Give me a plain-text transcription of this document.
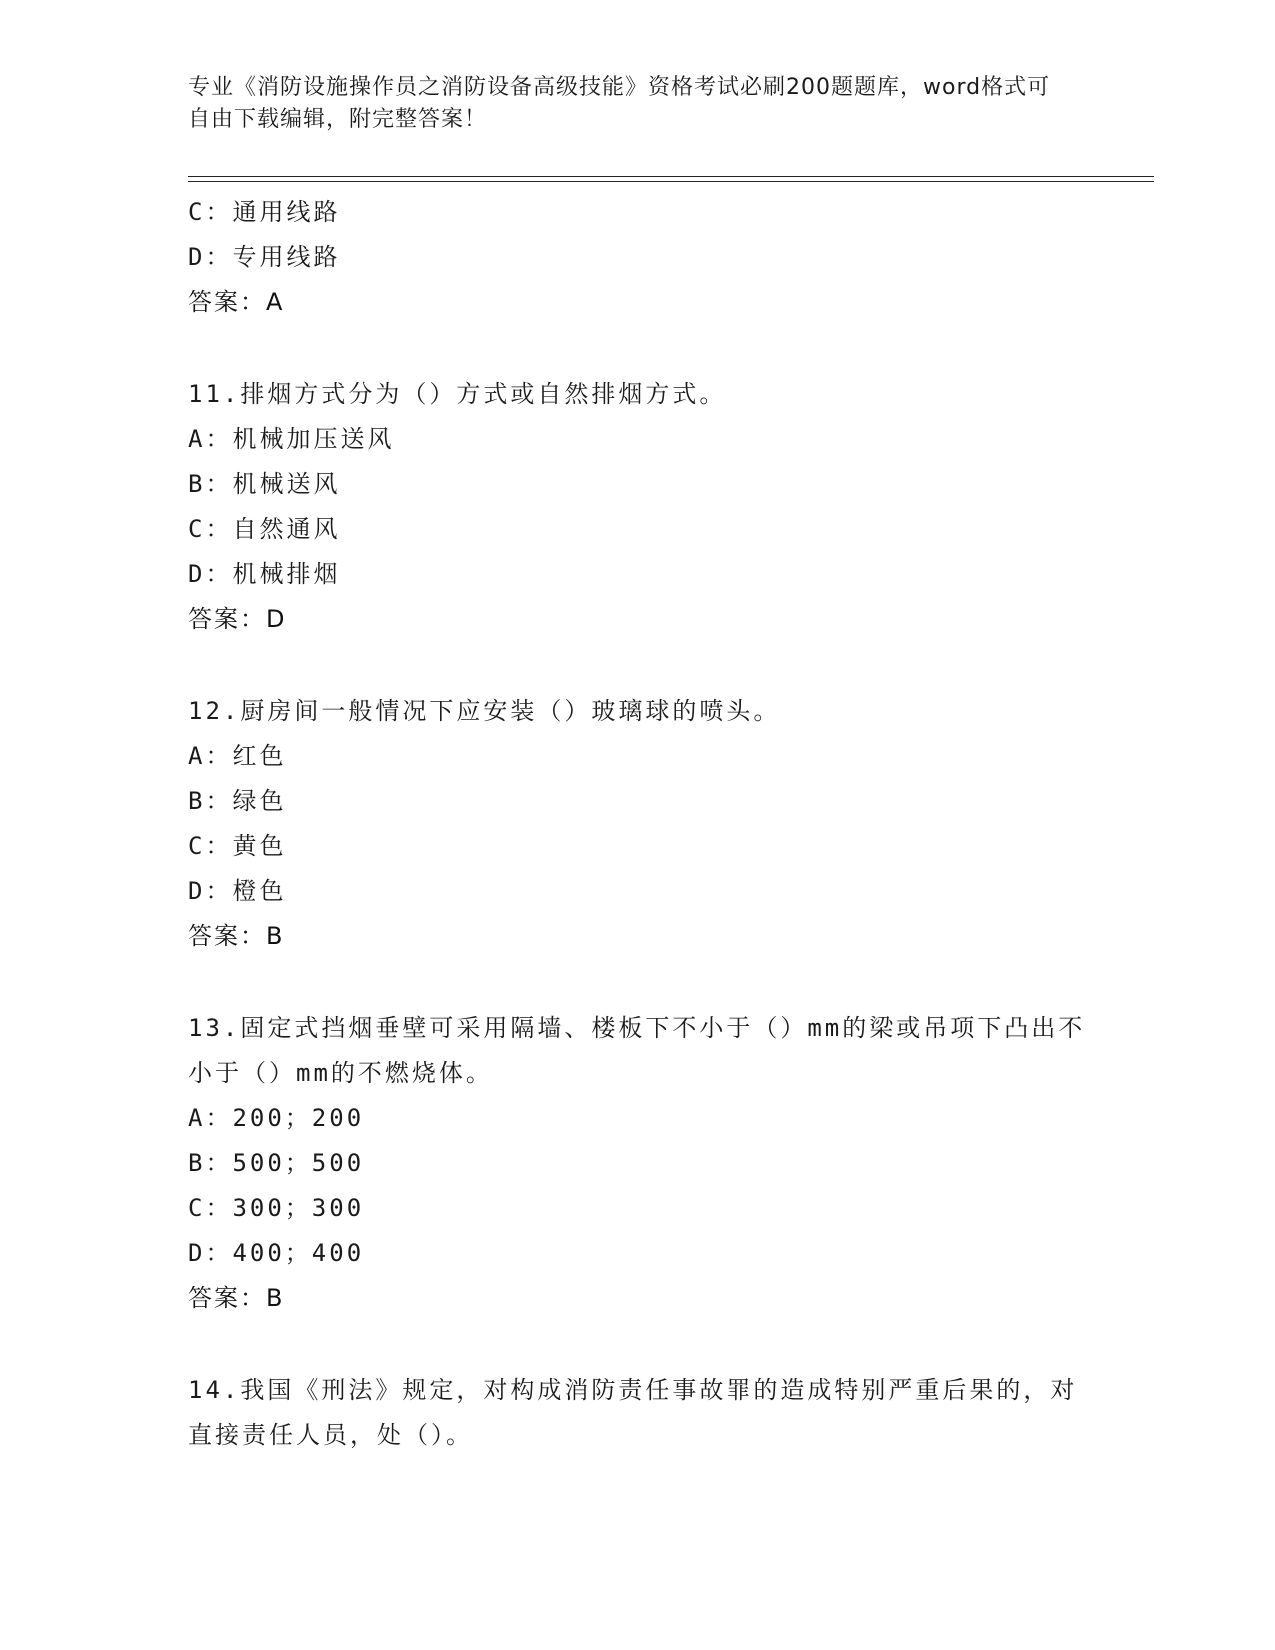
专业《消防设施操作员之消防设备高级技能》资格考试必刷200题题库，word格式可自由下载编辑，附完整答案！
C：通用线路
D：专用线路
答案：A
11.排烟方式分为（）方式或自然排烟方式。
A：机械加压送风
B：机械送风
C：自然通风
D：机械排烟
答案：D
12.厨房间一般情况下应安装（）玻璃球的喷头。
A：红色
B：绿色
C：黄色
D：橙色
答案：B
13.固定式挡烟垂壁可采用隔墙、楼板下不小于（）mm的梁或吊项下凸出不小于（）mm的不燃烧体。
A：200；200
B：500；500
C：300；300
D：400；400
答案：B
14.我国《刑法》规定，对构成消防责任事故罪的造成特别严重后果的，对直接责任人员，处（）。
